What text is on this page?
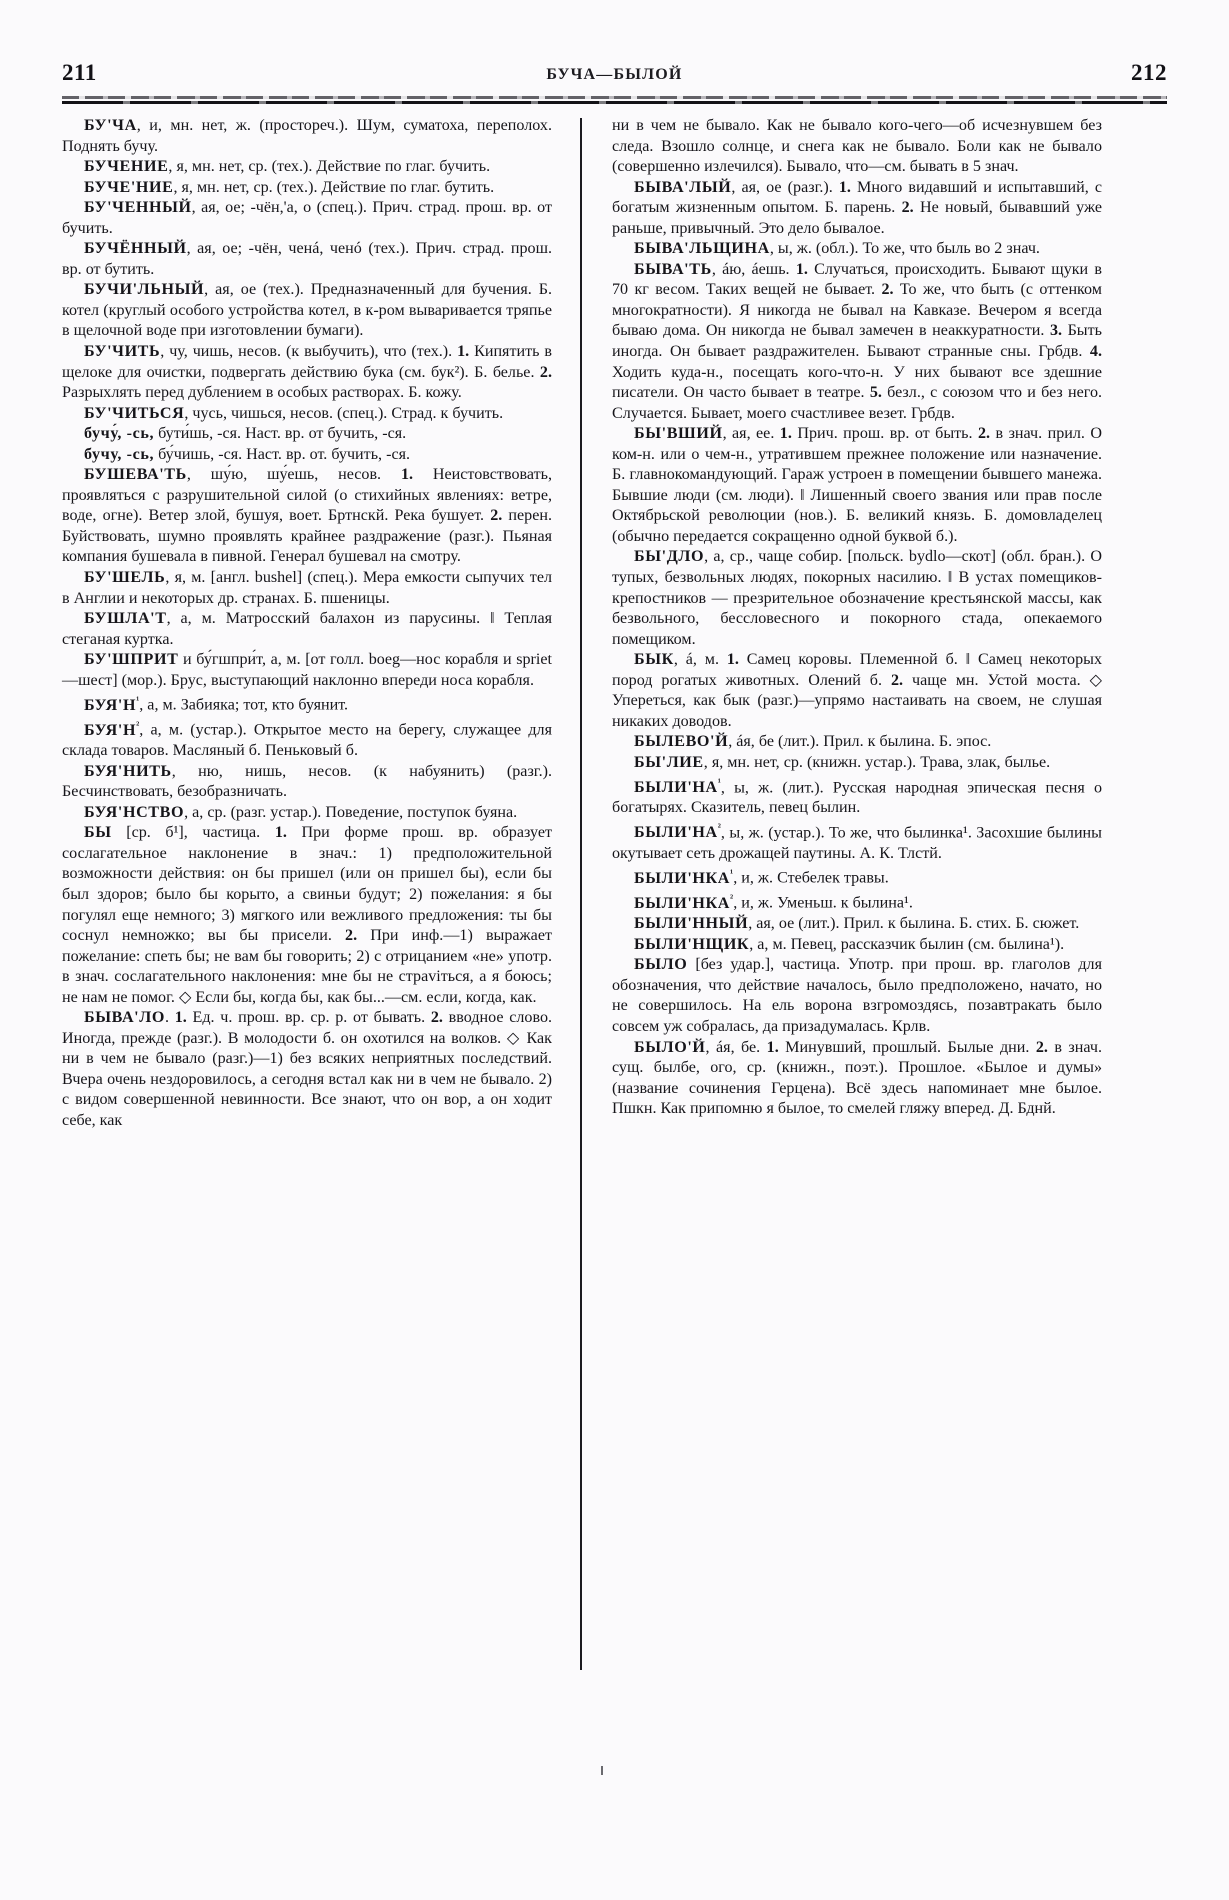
211	БУЧА—БЫЛОЙ	212

БУ'ЧА, и, мн. нет, ж. (простореч.). Шум, суматоха, переполох. Поднять бучу.

БУЧЕНИЕ, я, мн. нет, ср. (тех.). Действие по глаг. бучить.

БУЧЕ'НИЕ, я, мн. нет, ср. (тех.). Действие по глаг. бутить.

БУ'ЧЕННЫЙ, ая, ое; -чён,'а, о (спец.). Прич. страд. прош. вр. от бучить.

БУЧЁННЫЙ, ая, ое; -чён, ченá, ченó (тех.). Прич. страд. прош. вр. от бутить.

БУЧИ'ЛЬНЫЙ, ая, ое (тех.). Предназначенный для бучения. Б. котел (круглый особого устройства котел, в к-ром вываривается тряпье в щелочной воде при изготовлении бумаги).

БУ'ЧИТЬ, чу, чишь, несов. (к выбучить), что (тех.). 1. Кипятить в щелоке для очистки, подвергать действию бука (см. бук²). Б. белье. 2. Разрыхлять перед дублением в особых растворах. Б. кожу.

БУ'ЧИТЬСЯ, чусь, чишься, несов. (спец.). Страд. к бучить.

бучу́, -сь, бути́шь, -ся. Наст. вр. от бучить, -ся.

бучу, -сь, бу́чишь, -ся. Наст. вр. от. бучить, -ся.

БУШЕВА'ТЬ, шу́ю, шу́ешь, несов. 1. Неистовствовать, проявляться с разрушительной силой (о стихийных явлениях: ветре, воде, огне). Ветер злой, бушуя, воет. Бртнскй. Река бушует. 2. перен. Буйствовать, шумно проявлять крайнее раздражение (разг.). Пьяная компания бушевала в пивной. Генерал бушевал на смотру.

БУ'ШЕЛЬ, я, м. [англ. bushel] (спец.). Мера емкости сыпучих тел в Англии и некоторых др. странах. Б. пшеницы.

БУШЛА'Т, а, м. Матросский балахон из парусины. ‖ Теплая стеганая куртка.

БУ'ШПРИТ и бу́гшпри́т, а, м. [от голл. boeg—нос корабля и spriet—шест] (мор.). Брус, выступающий наклонно впереди носа корабля.

$БУЯ'Н^{^1}$, а, м. Забияка; тот, кто буянит.

$БУЯ'Н^{^2}$, а, м. (устар.). Открытое место на берегу, служащее для склада товаров. Масляный б. Пеньковый б.

БУЯ'НИТЬ, ню, нишь, несов. (к набуянить) (разг.). Бесчинствовать, безобразничать.

БУЯ'НСТВО, а, ср. (разг. устар.). Поведение, поступок буяна.

БЫ [ср. б¹], частица. 1. При форме прош. вр. образует сослагательное наклонение в знач.: 1) предположительной возможности действия: он бы пришел (или он пришел бы), если бы был здоров; было бы корыто, а свиньи будут; 2) пожелания: я бы погулял еще немного; 3) мягкого или вежливого предложения: ты бы соснул немножко; вы бы присели. 2. При инф.—1) выражает пожелание: спеть бы; не вам бы говорить; 2) с отрицанием «не» употр. в знач. сослагательного наклонения: мне бы не страviться, а я боюсь; не нам не помог. ◇ Если бы, когда бы, как бы...—см. если, когда, как.

БЫВА'ЛО. 1. Ед. ч. прош. вр. ср. р. от бывать. 2. вводное слово. Иногда, прежде (разг.). В молодости б. он охотился на волков. ◇ Как ни в чем не бывало (разг.)—1) без всяких неприятных последствий. Вчера очень нездоровилось, а сегодня встал как ни в чем не бывало. 2) с видом совершенной невинности. Все знают, что он вор, а он ходит себе, как

ни в чем не бывало. Как не бывало кого-чего—об исчезнувшем без следа. Взошло солнце, и снега как не бывало. Боли как не бывало (совершенно излечился). Бывало, что—см. бывать в 5 знач.

БЫВА'ЛЫЙ, ая, ое (разг.). 1. Много видавший и испытавший, с богатым жизненным опытом. Б. парень. 2. Не новый, бывавший уже раньше, привычный. Это дело бывалое.

БЫВА'ЛЬЩИНА, ы, ж. (обл.). То же, что быль во 2 знач.

БЫВА'ТЬ, áю, áешь. 1. Случаться, происходить. Бывают щуки в 70 кг весом. Таких вещей не бывает. 2. То же, что быть (с оттенком многократности). Я никогда не бывал на Кавказе. Вечером я всегда бываю дома. Он никогда не бывал замечен в неаккуратности. 3. Быть иногда. Он бывает раздражителен. Бывают странные сны. Грбдв. 4. Ходить куда-н., посещать кого-что-н. У них бывают все здешние писатели. Он часто бывает в театре. 5. безл., с союзом что и без него. Случается. Бывает, моего счастливее везет. Грбдв.

БЫ'ВШИЙ, ая, ее. 1. Прич. прош. вр. от быть. 2. в знач. прил. О ком-н. или о чем-н., утратившем прежнее положение или назначение. Б. главнокомандующий. Гараж устроен в помещении бывшего манежа. Бывшие люди (см. люди). ‖ Лишенный своего звания или прав после Октябрьской революции (нов.). Б. великий князь. Б. домовладелец (обычно передается сокращенно одной буквой б.).

БЫ'ДЛО, а, ср., чаще собир. [польск. bydlo—скот] (обл. бран.). О тупых, безвольных людях, покорных насилию. ‖ В устах помещиков-крепостников — презрительное обозначение крестьянской массы, как безвольного, бессловесного и покорного стада, опекаемого помещиком.

БЫК, á, м. 1. Самец коровы. Племенной б. ‖ Самец некоторых пород рогатых животных. Олений б. 2. чаще мн. Устой моста. ◇ Упереться, как бык (разг.)—упрямо настаивать на своем, не слушая никаких доводов.

БЫЛЕВО'Й, áя, бе (лит.). Прил. к былина. Б. эпос.

БЫ'ЛИЕ, я, мн. нет, ср. (книжн. устар.). Трава, злак, былье.

$БЫЛИ'НА^{^1}$, ы, ж. (лит.). Русская народная эпическая песня о богатырях. Сказитель, певец былин.

$БЫЛИ'НА^{^2}$, ы, ж. (устар.). То же, что былинка¹. Засохшие былины окутывает сеть дрожащей паутины. А. К. Тлстй.

$БЫЛИ'НКА^{^1}$, и, ж. Стебелек травы.

$БЫЛИ'НКА^{^2}$, и, ж. Уменьш. к былина¹.

БЫЛИ'ННЫЙ, ая, ое (лит.). Прил. к былина. Б. стих. Б. сюжет.

БЫЛИ'НЩИК, а, м. Певец, рассказчик былин (см. былина¹).

БЫЛО [без удар.], частица. Употр. при прош. вр. глаголов для обозначения, что действие началось, было предположено, начато, но не совершилось. На ель ворона взгромоздясь, позавтракать было совсем уж собралась, да призадумалась. Крлв.

БЫЛО'Й, áя, бе. 1. Минувший, прошлый. Былые дни. 2. в знач. сущ. былбе, ого, ср. (книжн., поэт.). Прошлое. «Былое и думы» (название сочинения Герцена). Всё здесь напоминает мне былое. Пшкн. Как припомню я былое, то смелей гляжу вперед. Д. Бднй.
